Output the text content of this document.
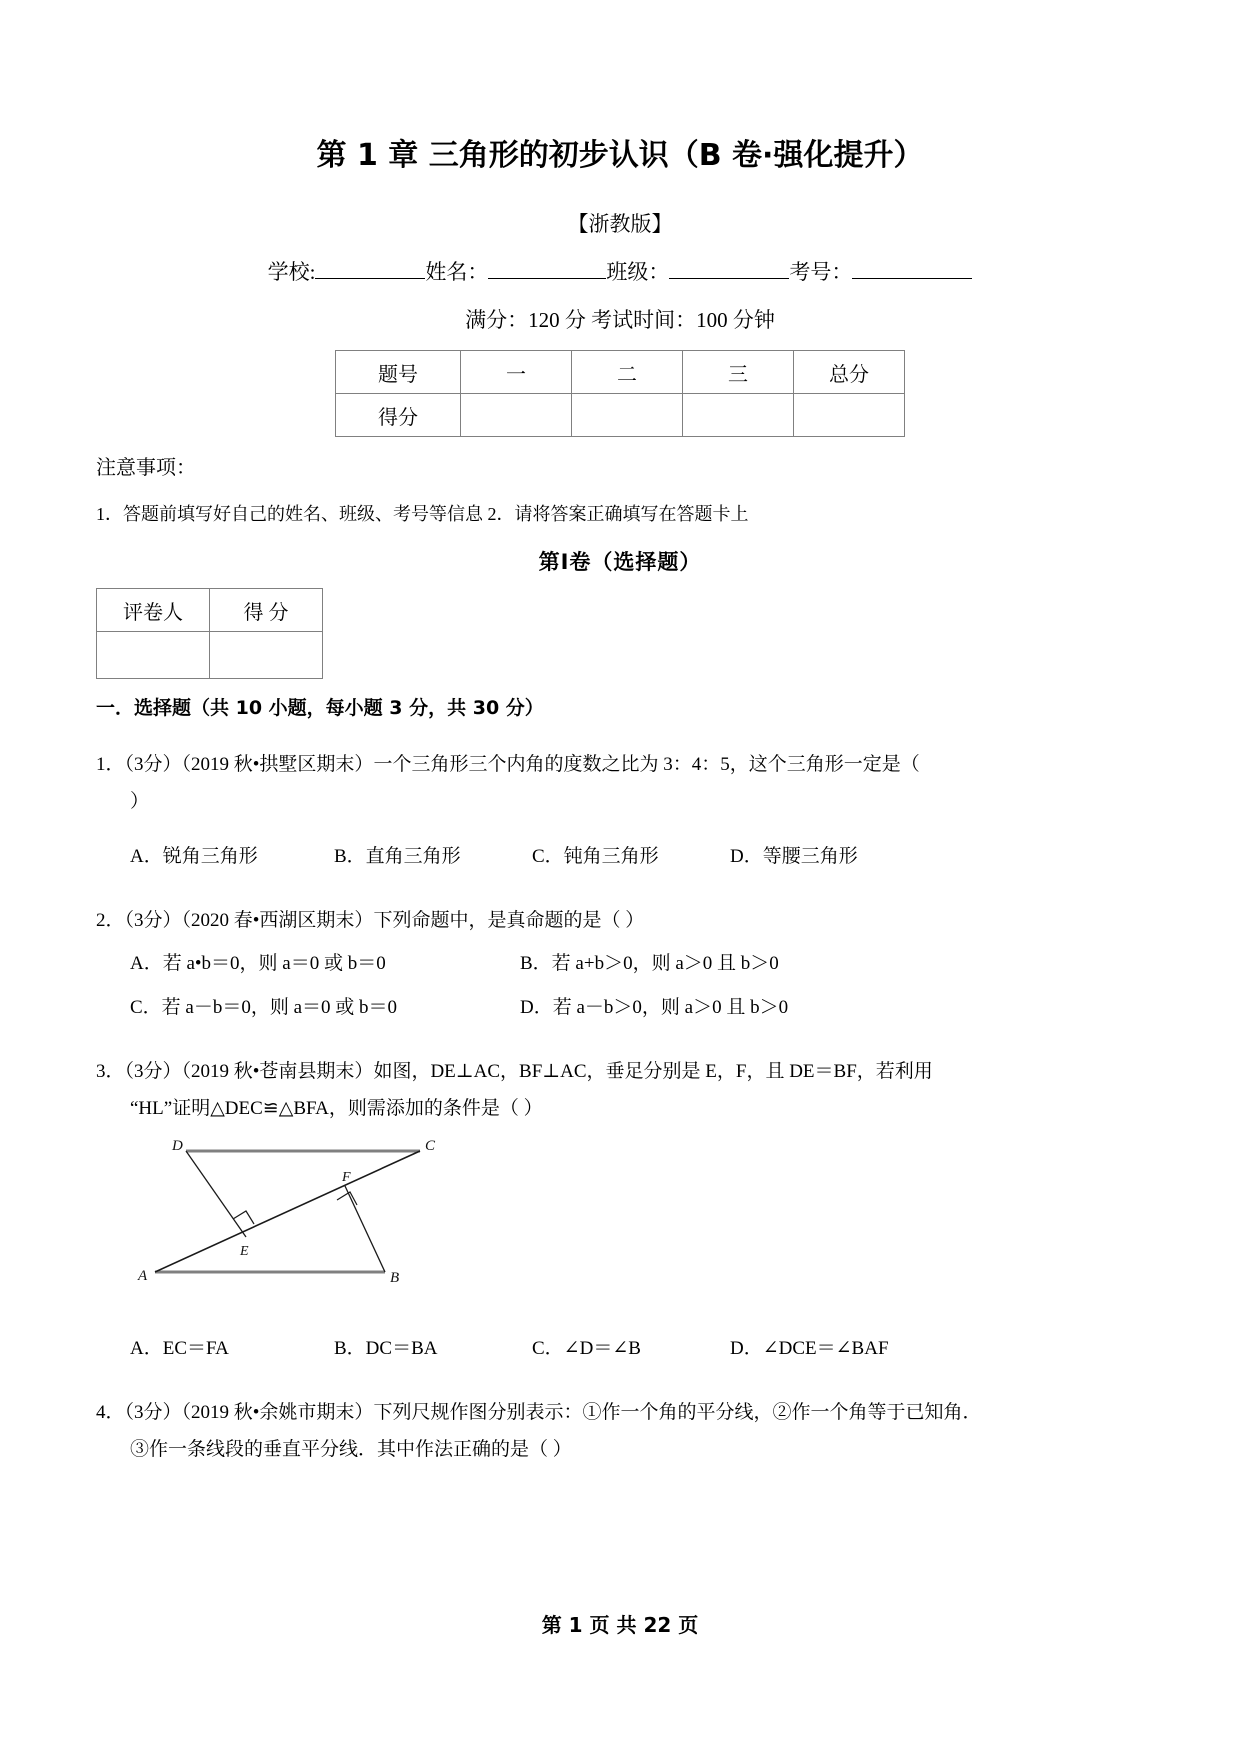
第 1 章 三角形的初步认识（B 卷·强化提升）
【浙教版】
学校:	姓名：	班级：	考号：
满分：120 分 考试时间：100 分钟
题号	一	二	三	总分
得分				
注意事项：
1．答题前填写好自己的姓名、班级、考号等信息 2．请将答案正确填写在答题卡上
第Ⅰ卷（选择题）
评卷人	得 分

一．选择题（共 10 小题，每小题 3 分，共 30 分）
1．（3分）（2019 秋•拱墅区期末）一个三角形三个内角的度数之比为 3：4：5，这个三角形一定是（
）
A．锐角三角形	B．直角三角形	C．钝角三角形	D．等腰三角形
2．（3分）（2020 春•西湖区期末）下列命题中，是真命题的是（ ）
A．若 a•b＝0，则 a＝0 或 b＝0	B．若 a+b＞0，则 a＞0 且 b＞0
C．若 a－b＝0，则 a＝0 或 b＝0	D．若 a－b＞0，则 a＞0 且 b＞0
3．（3分）（2019 秋•苍南县期末）如图，DE⊥AC，BF⊥AC，垂足分别是 E，F，且 DE＝BF，若利用
“HL”证明△DEC≌△BFA，则需添加的条件是（ ）
D	C
F
E
A	B
A．EC＝FA	B．DC＝BA	C．∠D＝∠B	D．∠DCE＝∠BAF
4．（3分）（2019 秋•余姚市期末）下列尺规作图分别表示：①作一个角的平分线，②作一个角等于已知角．
③作一条线段的垂直平分线．其中作法正确的是（ ）
第 1 页 共 22 页
